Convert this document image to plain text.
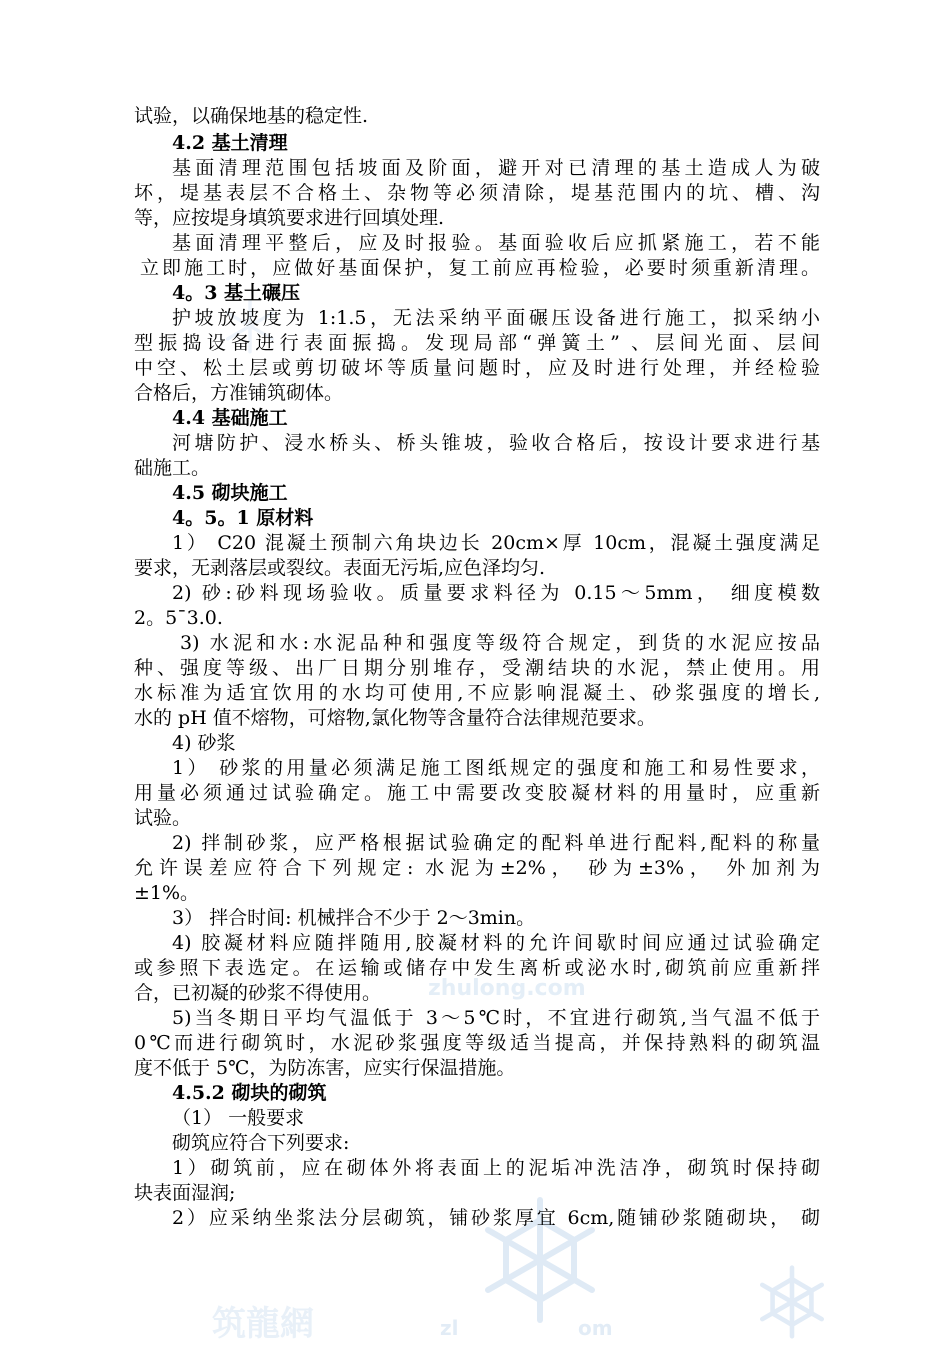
zhulong.com
筑龍網	zl	om
试验，以确保地基的稳定性.
4.2 基土清理
基面清理范围包括坡面及阶面，避开对已清理的基土造成人为破
坏，堤基表层不合格土、杂物等必须清除，堤基范围内的坑、槽、沟
等，应按堤身填筑要求进行回填处理.
基面清理平整后，应及时报验。基面验收后应抓紧施工，若不能
立即施工时，应做好基面保护，复工前应再检验，必要时须重新清理。
4。3 基土碾压
护坡放坡度为 1:1.5，无法采纳平面碾压设备进行施工，拟采纳小
型振捣设备进行表面振捣。发现局部“弹簧土” 、层间光面、层间
中空、松土层或剪切破坏等质量问题时，应及时进行处理，并经检验
合格后，方准铺筑砌体。
4.4 基础施工
河塘防护、浸水桥头、桥头锥坡，验收合格后，按设计要求进行基
础施工。
4.5 砌块施工
4。5。1 原材料
1） C20 混凝土预制六角块边长 20cm×厚 10cm，混凝土强度满足
要求，无剥落层或裂纹。表面无污垢,应色泽均匀.
2) 砂:砂料现场验收。质量要求料径为 0.15～5mm， 细度模数
2。5¯3.0.
3) 水泥和水:水泥品种和强度等级符合规定，到货的水泥应按品
种、强度等级、出厂日期分别堆存，受潮结块的水泥，禁止使用。用
水标准为适宜饮用的水均可使用,不应影响混凝土、砂浆强度的增长,
水的 pH 值不熔物，可熔物,氯化物等含量符合法律规范要求。
4) 砂浆
1） 砂浆的用量必须满足施工图纸规定的强度和施工和易性要求，
用量必须通过试验确定。施工中需要改变胶凝材料的用量时，应重新
试验。
2) 拌制砂浆，应严格根据试验确定的配料单进行配料,配料的称量
允许误差应符合下列规定: 水泥为±2%， 砂为±3%， 外加剂为
±1%。
3） 拌合时间: 机械拌合不少于 2～3min。
4) 胶凝材料应随拌随用,胶凝材料的允许间歇时间应通过试验确定
或参照下表选定。在运输或储存中发生离析或泌水时,砌筑前应重新拌
合，已初凝的砂浆不得使用。
5)当冬期日平均气温低于 3～5℃时，不宜进行砌筑,当气温不低于
0℃而进行砌筑时，水泥砂浆强度等级适当提高，并保持熟料的砌筑温
度不低于 5℃，为防冻害，应实行保温措施。
4.5.2 砌块的砌筑
（1） 一般要求
砌筑应符合下列要求:
1）砌筑前，应在砌体外将表面上的泥垢冲洗洁净，砌筑时保持砌
块表面湿润;
2）应采纳坐浆法分层砌筑，铺砂浆厚宜 6cm,随铺砂浆随砌块， 砌
